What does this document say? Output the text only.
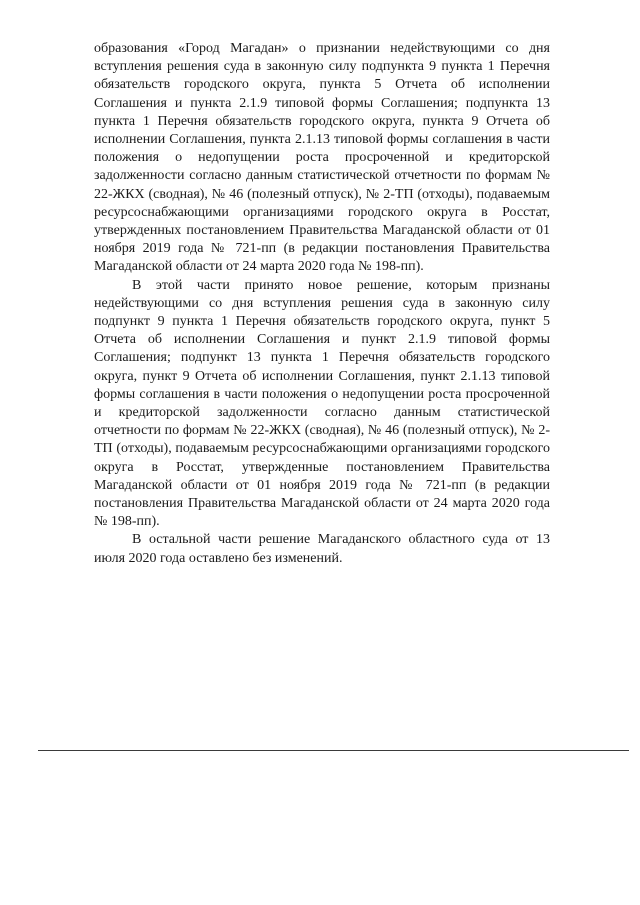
образования «Город Магадан» о признании недействующими со дня вступления решения суда в законную силу подпункта 9 пункта 1 Перечня обязательств городского округа, пункта 5 Отчета об исполнении Соглашения и пункта 2.1.9 типовой формы Соглашения; подпункта 13 пункта 1 Перечня обязательств городского округа, пункта 9 Отчета об исполнении Соглашения, пункта 2.1.13 типовой формы соглашения в части положения о недопущении роста просроченной и кредиторской задолженности согласно данным статистической отчетности по формам № 22-ЖКХ (сводная), № 46 (полезный отпуск), № 2-ТП (отходы), подаваемым ресурсоснабжающими организациями городского округа в Росстат, утвержденных постановлением Правительства Магаданской области от 01 ноября 2019 года № 721-пп (в редакции постановления Правительства Магаданской области от 24 марта 2020 года № 198-пп).

В этой части принято новое решение, которым признаны недействующими со дня вступления решения суда в законную силу подпункт 9 пункта 1 Перечня обязательств городского округа, пункт 5 Отчета об исполнении Соглашения и пункт 2.1.9 типовой формы Соглашения; подпункт 13 пункта 1 Перечня обязательств городского округа, пункт 9 Отчета об исполнении Соглашения, пункт 2.1.13 типовой формы соглашения в части положения о недопущении роста просроченной и кредиторской задолженности согласно данным статистической отчетности по формам № 22-ЖКХ (сводная), № 46 (полезный отпуск), № 2-ТП (отходы), подаваемым ресурсоснабжающими организациями городского округа в Росстат, утвержденные постановлением Правительства Магаданской области от 01 ноября 2019 года № 721-пп (в редакции постановления Правительства Магаданской области от 24 марта 2020 года № 198-пп).

В остальной части решение Магаданского областного суда от 13 июля 2020 года оставлено без изменений.
